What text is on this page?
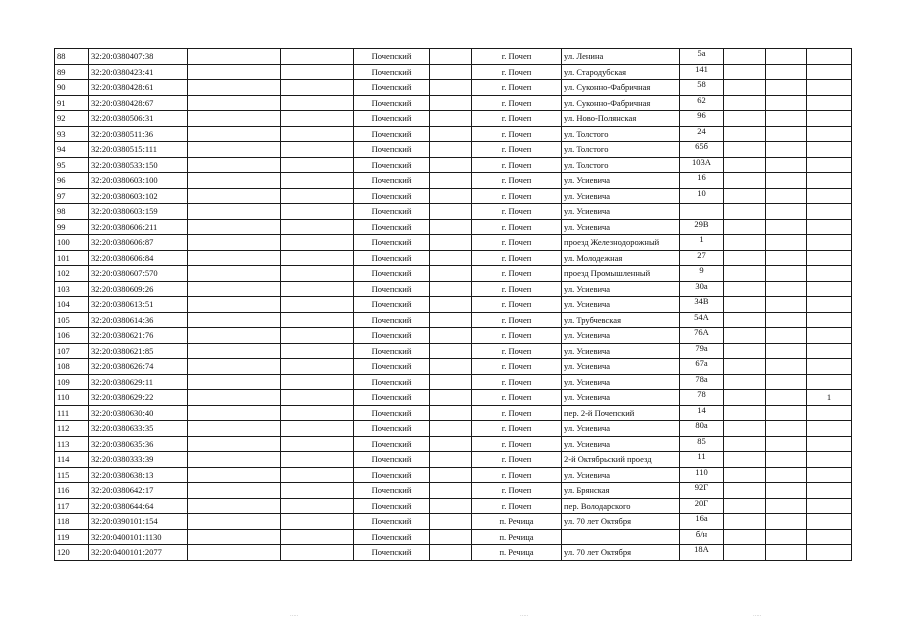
88	32:20:0380407:38			Почепский		г. Почеп	ул. Ленина	5а			
89	32:20:0380423:41			Почепский		г. Почеп	ул. Стародубская	141			
90	32:20:0380428:61			Почепский		г. Почеп	ул. Суконно-Фабричная	58			
91	32:20:0380428:67			Почепский		г. Почеп	ул. Суконно-Фабричная	62			
92	32:20:0380506:31			Почепский		г. Почеп	ул. Ново-Полянская	96			
93	32:20:0380511:36			Почепский		г. Почеп	ул. Толстого	24			
94	32:20:0380515:111			Почепский		г. Почеп	ул. Толстого	65б			
95	32:20:0380533:150			Почепский		г. Почеп	ул. Толстого	103А			
96	32:20:0380603:100			Почепский		г. Почеп	ул. Усиевича	16			
97	32:20:0380603:102			Почепский		г. Почеп	ул. Усиевича	10			
98	32:20:0380603:159			Почепский		г. Почеп	ул. Усиевича				
99	32:20:0380606:211			Почепский		г. Почеп	ул. Усиевича	29В			
100	32:20:0380606:87			Почепский		г. Почеп	проезд Железнодорожный	1			
101	32:20:0380606:84			Почепский		г. Почеп	ул. Молодежная	27			
102	32:20:0380607:570			Почепский		г. Почеп	проезд Промышленный	9			
103	32:20:0380609:26			Почепский		г. Почеп	ул. Усиевича	30а			
104	32:20:0380613:51			Почепский		г. Почеп	ул. Усиевича	34В			
105	32:20:0380614:36			Почепский		г. Почеп	ул. Трубчевская	54А			
106	32:20:0380621:76			Почепский		г. Почеп	ул. Усиевича	76А			
107	32:20:0380621:85			Почепский		г. Почеп	ул. Усиевича	79а			
108	32:20:0380626:74			Почепский		г. Почеп	ул. Усиевича	67а			
109	32:20:0380629:11			Почепский		г. Почеп	ул. Усиевича	78а			
110	32:20:0380629:22			Почепский		г. Почеп	ул. Усиевича	78			1
111	32:20:0380630:40			Почепский		г. Почеп	пер. 2-й Почепский	14			
112	32:20:0380633:35			Почепский		г. Почеп	ул. Усиевича	80а			
113	32:20:0380635:36			Почепский		г. Почеп	ул. Усиевича	85			
114	32:20:0380333:39			Почепский		г. Почеп	2-й Октябрьский проезд	11			
115	32:20:0380638:13			Почепский		г. Почеп	ул. Усиевича	110			
116	32:20:0380642:17			Почепский		г. Почеп	ул. Брянская	92Г			
117	32:20:0380644:64			Почепский		г. Почеп	пер. Володарского	20Г			
118	32:20:0390101:154			Почепский		п. Речица	ул. 70 лет Октября	16а			
119	32:20:0400101:1130			Почепский		п. Речица		б/н			
120	32:20:0400101:2077			Почепский		п. Речица	ул. 70 лет Октября	18А			
·····	·····	·····
